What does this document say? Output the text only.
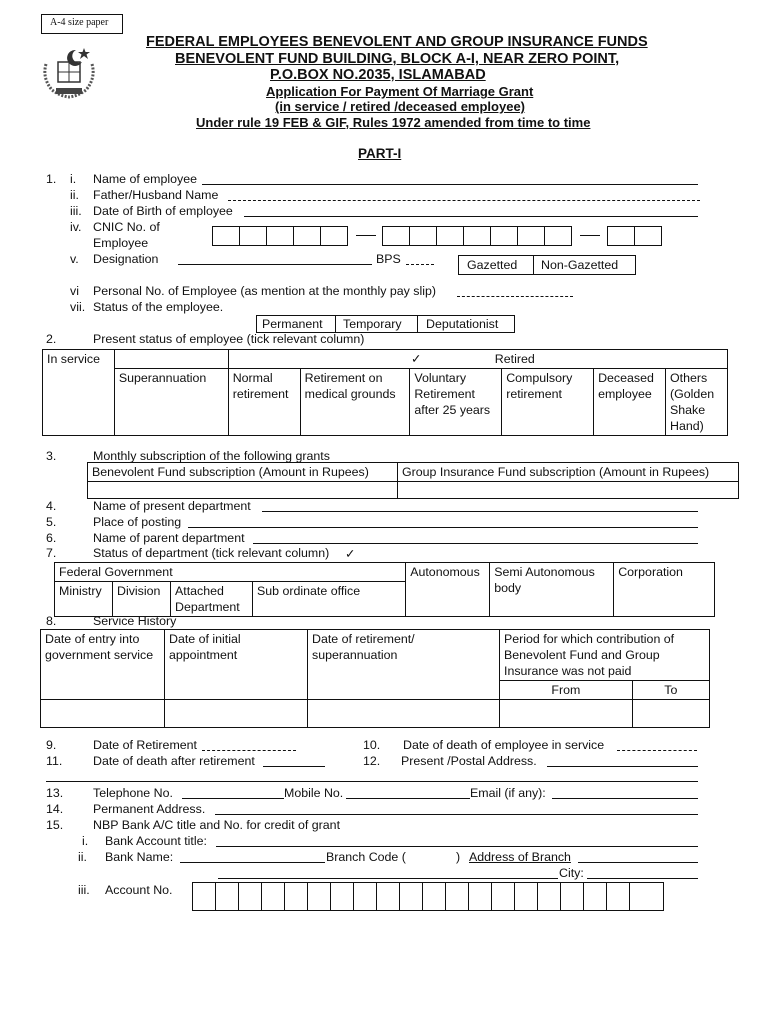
A-4 size paper
FEDERAL EMPLOYEES BENEVOLENT AND GROUP INSURANCE FUNDS
BENEVOLENT FUND BUILDING, BLOCK A-I, NEAR ZERO POINT,
P.O.BOX NO.2035, ISLAMABAD
Application For Payment Of Marriage Grant
(in service / retired /deceased employee)
Under rule 19 FEB & GIF, Rules 1972 amended from time to time
PART-I
1. i. Name of employee
ii. Father/Husband Name
iii. Date of Birth of employee
iv. CNIC No. of
Employee
v. Designation	BPS	Gazetted Non-Gazetted
vi Personal No. of Employee (as mention at the monthly pay slip)
vii. Status of the employee.
Permanent Temporary Deputationist
2.	Present status of employee (tick relevant column)
In service		✓ Retired					
	Superannuation	Normal retirement	Retirement on medical grounds	Voluntary Retirement after 25 years	Compulsory retirement	Deceased employee	Others (Golden Shake Hand)
3.	Monthly subscription of the following grants
Benevolent Fund subscription (Amount in Rupees)	Group Insurance Fund subscription (Amount in Rupees)

4.	Name of present department
5.	Place of posting
6.	Name of parent department
7.	Status of department (tick relevant column) ✓
Federal Government				Autonomous	Semi Autonomous body	Corporation
Ministry	Division	Attached Department	Sub ordinate office			
8.	Service History
Date of entry into government service	Date of initial appointment	Date of retirement/ superannuation	Period for which contribution of Benevolent Fund and Group Insurance was not paid	
			From	To

9.	Date of Retirement	10. Date of death of employee in service
11. Date of death after retirement	12. Present /Postal Address.
13. Telephone No.	Mobile No.	Email (if any):
14. Permanent Address.
15. NBP Bank A/C title and No. for credit of grant
i. Bank Account title:
ii. Bank Name:	Branch Code (	) Address of Branch
City:
iii. Account No.
